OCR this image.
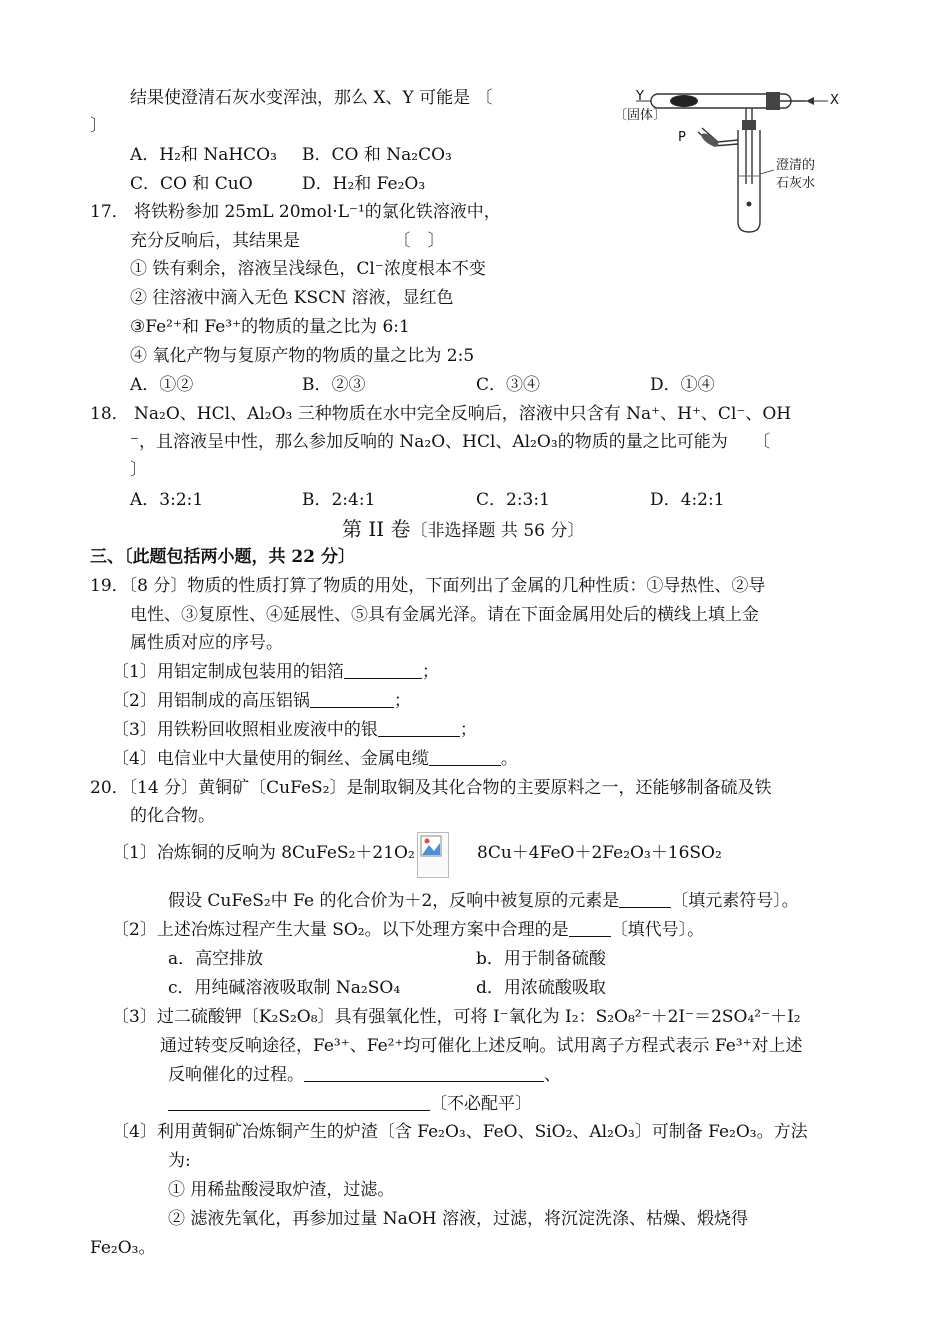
结果使澄清石灰水变浑浊，那么 X、Y 可能是 〔
〕
A．H₂和 NaHCO₃ B．CO 和 Na₂CO₃
C．CO 和 CuO	D．H₂和 Fe₂O₃
Y
〔固体〕
X
P
澄清的
石灰水
17． 将铁粉参加 25mL 20mol·L⁻¹的氯化铁溶液中，
充分反响后，其结果是　　　　　　〔　〕
① 铁有剩余，溶液呈浅绿色，Cl⁻浓度根本不变
② 往溶液中滴入无色 KSCN 溶液，显红色
③Fe²⁺和 Fe³⁺的物质的量之比为 6:1
④ 氧化产物与复原产物的物质的量之比为 2:5
A．①②	B．②③	C．③④	D．①④
18． Na₂O、HCl、Al₂O₃ 三种物质在水中完全反响后，溶液中只含有 Na⁺、H⁺、Cl⁻、OH
⁻，且溶液呈中性，那么参加反响的 Na₂O、HCl、Al₂O₃的物质的量之比可能为　　〔
〕
A．3:2:1	B．2:4:1	C．2:3:1	D．4:2:1
第 II 卷〔非选择题 共 56 分〕
三、〔此题包括两小题，共 22 分〕
19．〔8 分〕物质的性质打算了物质的用处，下面列出了金属的几种性质：①导热性、②导
电性、③复原性、④延展性、⑤具有金属光泽。请在下面金属用处后的横线上填上金
属性质对应的序号。
〔1〕用铝定制成包装用的铝箔	；
〔2〕用铝制成的高压铝锅	；
〔3〕用铁粉回收照相业废液中的银	；
〔4〕电信业中大量使用的铜丝、金属电缆	。
20．〔14 分〕黄铜矿〔CuFeS₂〕是制取铜及其化合物的主要原料之一，还能够制备硫及铁
的化合物。
〔1〕冶炼铜的反响为 8CuFeS₂＋21O₂	8Cu＋4FeO＋2Fe₂O₃＋16SO₂
假设 CuFeS₂中 Fe 的化合价为＋2，反响中被复原的元素是	〔填元素符号〕。
〔2〕上述冶炼过程产生大量 SO₂。以下处理方案中合理的是 〔填代号〕。
a．高空排放	b．用于制备硫酸
c．用纯碱溶液吸取制 Na₂SO₄	d．用浓硫酸吸取
〔3〕过二硫酸钾〔K₂S₂O₈〕具有强氧化性，可将 I⁻氧化为 I₂：S₂O₈²⁻＋2I⁻＝2SO₄²⁻＋I₂
通过转变反响途径，Fe³⁺、Fe²⁺均可催化上述反响。试用离子方程式表示 Fe³⁺对上述
反响催化的过程。	、
〔不必配平〕
〔4〕利用黄铜矿冶炼铜产生的炉渣〔含 Fe₂O₃、FeO、SiO₂、Al₂O₃〕可制备 Fe₂O₃。方法
为:
① 用稀盐酸浸取炉渣，过滤。
② 滤液先氧化，再参加过量 NaOH 溶液，过滤，将沉淀洗涤、枯燥、煅烧得
Fe₂O₃。
